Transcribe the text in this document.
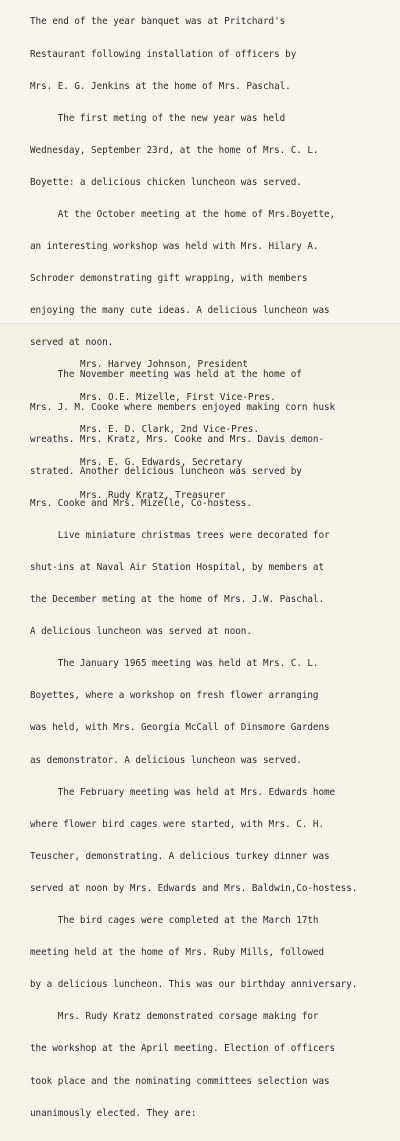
The end of the year banquet was at Pritchard's

Restaurant following installation of officers by

Mrs. E. G. Jenkins at the home of Mrs. Paschal.

The first meting of the new year was held

Wednesday, September 23rd, at the home of Mrs. C. L.

Boyette: a delicious chicken luncheon was served.

At the October meeting at the home of Mrs.Boyette,

an interesting workshop was held with Mrs. Hilary A.

Schroder demonstrating gift wrapping, with members

enjoying the many cute ideas. A delicious luncheon was

served at noon.

The November meeting was held at the home of

Mrs. J. M. Cooke where members enjoyed making corn husk

wreaths. Mrs. Kratz, Mrs. Cooke and Mrs. Davis demon-

strated. Another delicious luncheon was served by

Mrs. Cooke and Mrs. Mizelle, Co-hostess.

Live miniature christmas trees were decorated for

shut-ins at Naval Air Station Hospital, by members at

the December meting at the home of Mrs. J.W. Paschal.

A delicious luncheon was served at noon.

The January 1965 meeting was held at Mrs. C. L.

Boyettes, where a workshop on fresh flower arranging

was held, with Mrs. Georgia McCall of Dinsmore Gardens

as demonstrator. A delicious luncheon was served.

The February meeting was held at Mrs. Edwards home

where flower bird cages were started, with Mrs. C. H.

Teuscher, demonstrating. A delicious turkey dinner was

served at noon by Mrs. Edwards and Mrs. Baldwin,Co-hostess.

The bird cages were completed at the March 17th

meeting held at the home of Mrs. Ruby Mills, followed

by a delicious luncheon. This was our birthday anniversary.

Mrs. Rudy Kratz demonstrated corsage making for

the workshop at the April meeting. Election of officers

took place and the nominating committees selection was

unanimously elected. They are:

Mrs. Harvey Johnson, President

Mrs. O.E. Mizelle, First Vice-Pres.

Mrs. E. D. Clark, 2nd Vice-Pres.

Mrs. E. G. Edwards, Secretary

Mrs. Rudy Kratz, Treasurer
